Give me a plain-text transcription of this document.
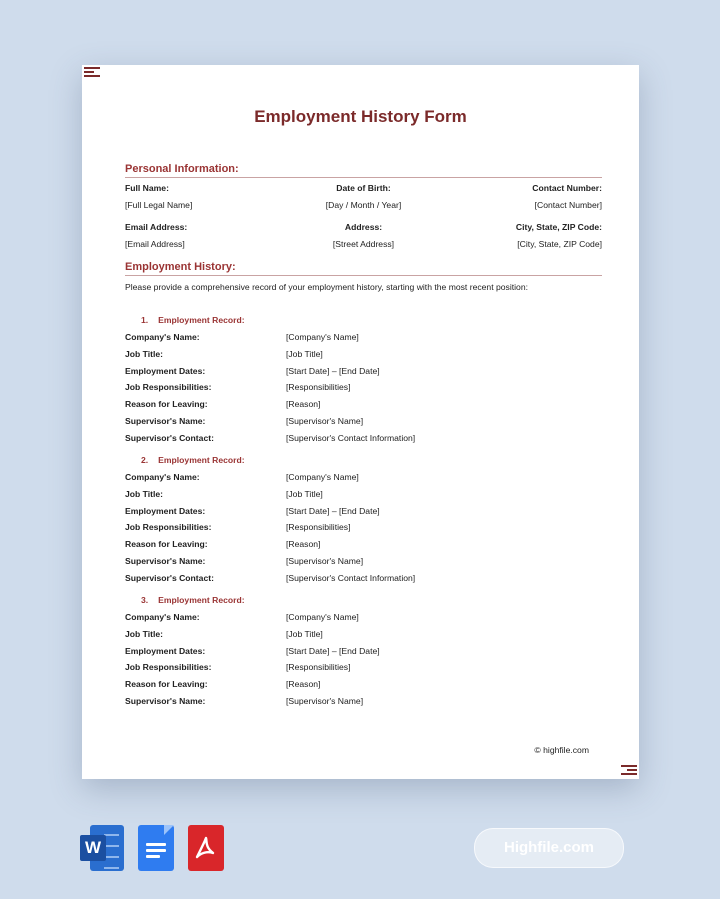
Employment History Form
Personal Information:
Full Name:	Date of Birth:	Contact Number:
[Full Legal Name]	[Day / Month / Year]	[Contact Number]
Email Address:	Address:	City, State, ZIP Code:
[Email Address]	[Street Address]	[City, State, ZIP Code]
Employment History:
Please provide a comprehensive record of your employment history, starting with the most recent position:
1. Employment Record:
Company's Name:	[Company's Name]
Job Title:	[Job Title]
Employment Dates:	[Start Date] – [End Date]
Job Responsibilities:	[Responsibilities]
Reason for Leaving:	[Reason]
Supervisor's Name:	[Supervisor's Name]
Supervisor's Contact:	[Supervisor's Contact Information]
2. Employment Record:
Company's Name:	[Company's Name]
Job Title:	[Job Title]
Employment Dates:	[Start Date] – [End Date]
Job Responsibilities:	[Responsibilities]
Reason for Leaving:	[Reason]
Supervisor's Name:	[Supervisor's Name]
Supervisor's Contact:	[Supervisor's Contact Information]
3. Employment Record:
Company's Name:	[Company's Name]
Job Title:	[Job Title]
Employment Dates:	[Start Date] – [End Date]
Job Responsibilities:	[Responsibilities]
Reason for Leaving:	[Reason]
Supervisor's Name:	[Supervisor's Name]
© highfile.com
W	Highfile.com
